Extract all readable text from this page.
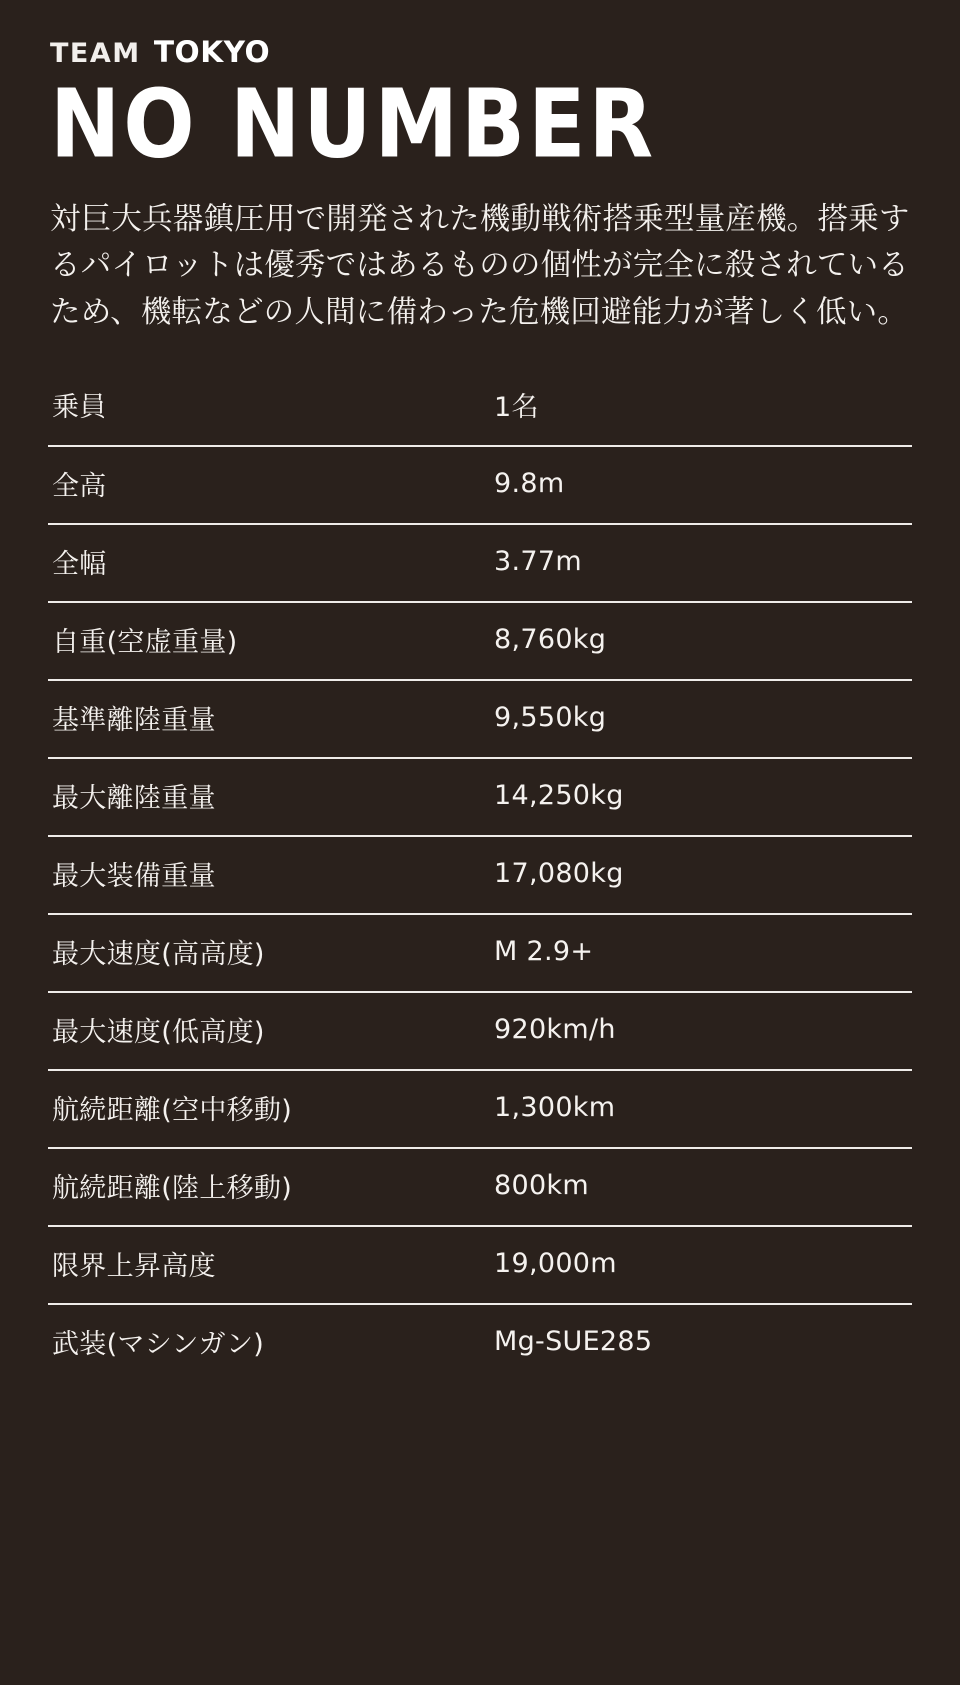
TEAM TOKYO
NO NUMBER

対巨大兵器鎮圧用で開発された機動戦術搭乗型量産機。搭乗するパイロットは優秀ではあるものの個性が完全に殺されているため、機転などの人間に備わった危機回避能力が著しく低い。

乗員	1名
全高	9.8m
全幅	3.77m
自重(空虚重量)	8,760kg
基準離陸重量	9,550kg
最大離陸重量	14,250kg
最大装備重量	17,080kg
最大速度(高高度)	M 2.9+
最大速度(低高度)	920km/h
航続距離(空中移動)	1,300km
航続距離(陸上移動)	800km
限界上昇高度	19,000m
武装(マシンガン)	Mg-SUE285
